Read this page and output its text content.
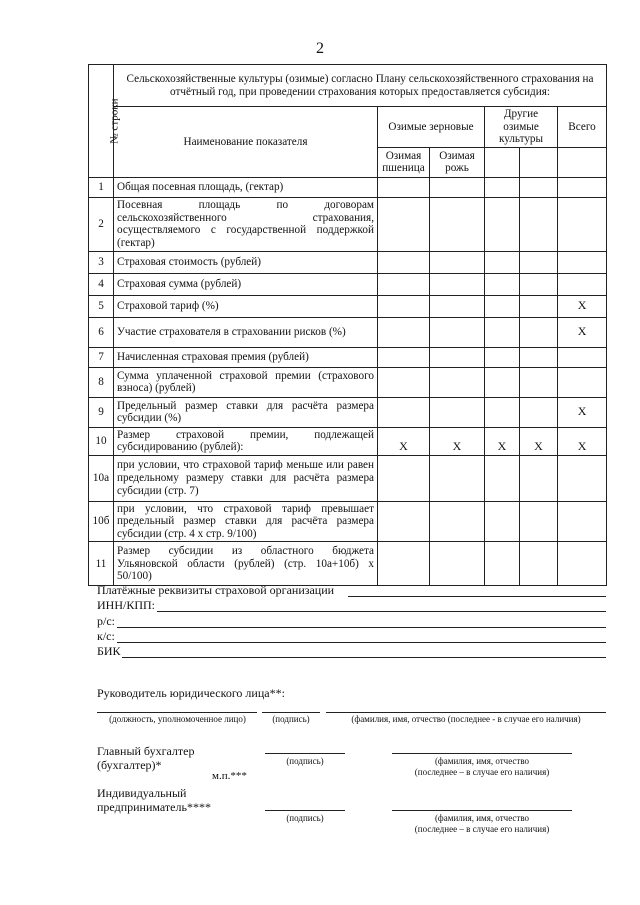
2
№ строки	Сельскохозяйственные культуры (озимые) согласно Плану сельскохозяйственного страхования на отчётный год, при проведении страхования которых предоставляется субсидия:					
	Наименование показателя	Озимые зерновые		Другие озимые культуры		Всего
		Озимая пшеница	Озимая рожь			
1	Общая посевная площадь, (гектар)					
2	Посевная площадь по договорам сельскохозяйственного страхования, осуществляемого с государственной поддержкой (гектар)					
3	Страховая стоимость (рублей)					
4	Страховая сумма (рублей)					
5	Страховой тариф (%)					X
6	Участие страхователя в страховании рисков (%)					X
7	Начисленная страховая премия (рублей)					
8	Сумма уплаченной страховой премии (страхового взноса) (рублей)					
9	Предельный размер ставки для расчёта размера субсидии (%)					X
10	Размер страховой премии, подлежащей субсидированию (рублей):	X	X	X	X	X
10а	при условии, что страховой тариф меньше или равен предельному размеру ставки для расчёта размера субсидии (стр. 7)					
10б	при условии, что страховой тариф превышает предельный размер ставки для расчёта размера субсидии (стр. 4 х стр. 9/100)					
11	Размер субсидии из областного бюджета Ульяновской области (рублей) (стр. 10а+10б) х 50/100)					
Платёжные реквизиты страховой организации
ИНН/КПП:
р/с:
к/с:
БИК
Руководитель юридического лица**:
(должность, уполномоченное лицо)	(подпись)	(фамилия, имя, отчество (последнее - в случае его наличия)
Главный бухгалтер (бухгалтер)*	(подпись)	(фамилия, имя, отчество
(последнее – в случае его наличия)
м.п.***
Индивидуальный предприниматель****
(подпись)	(фамилия, имя, отчество
(последнее – в случае его наличия)
